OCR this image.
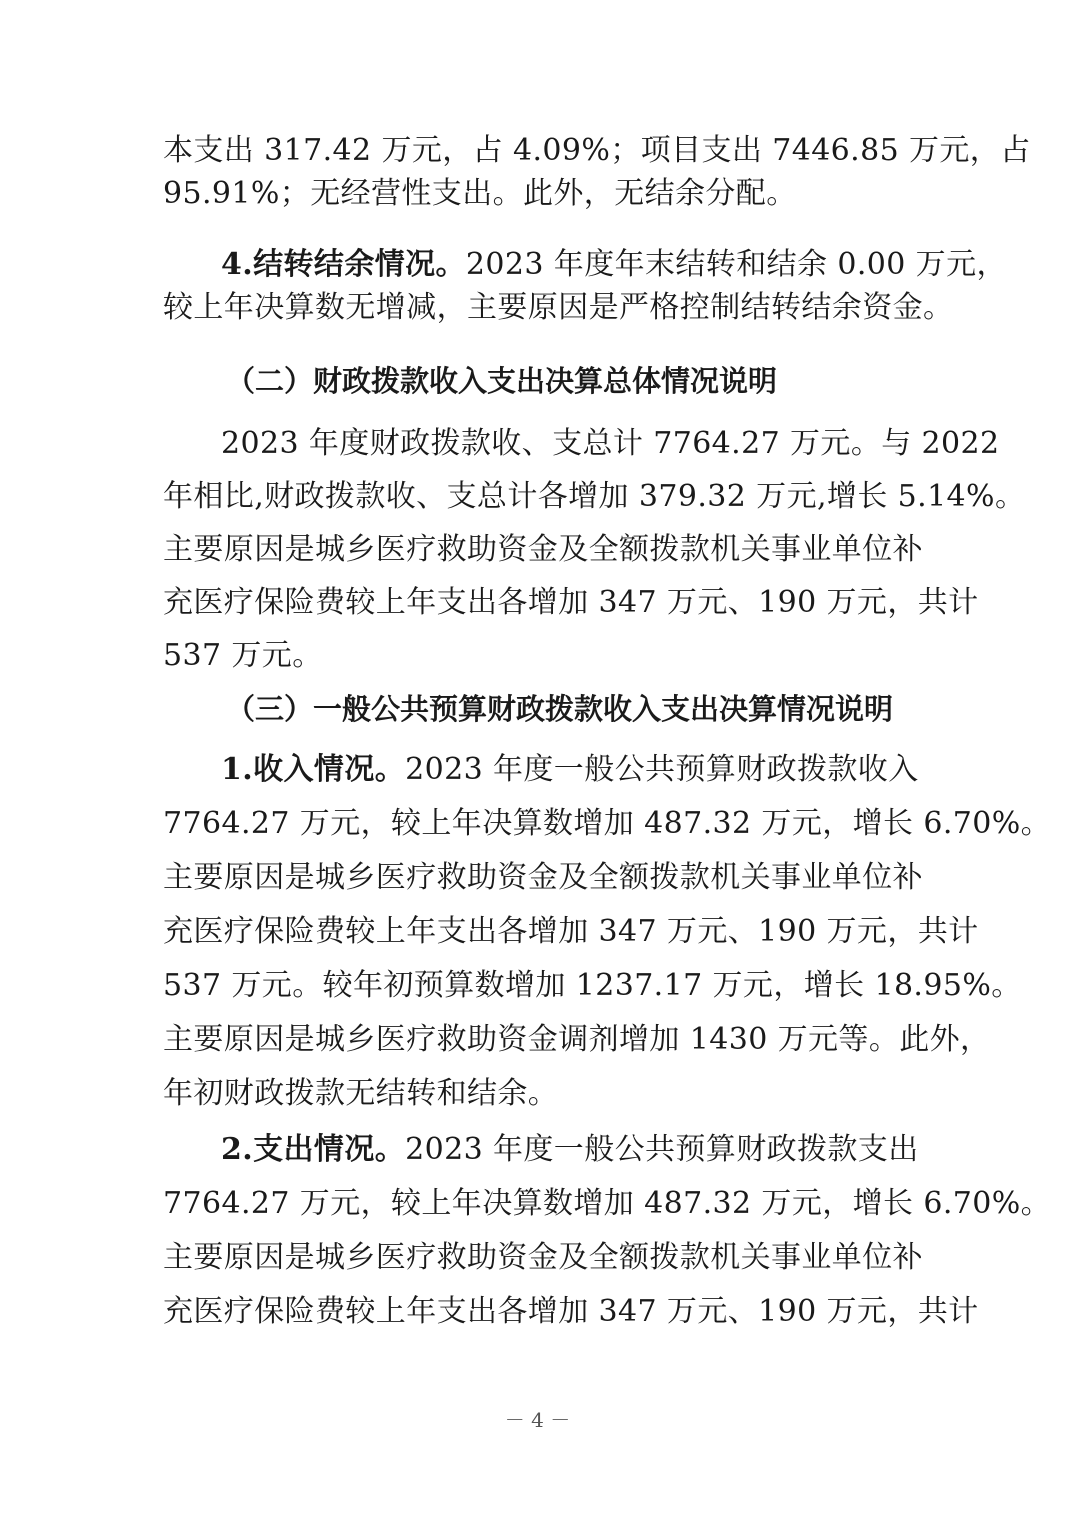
本支出 317.42 万元，占 4.09%；项目支出 7446.85 万元，占
95.91%；无经营性支出。此外，无结余分配。
4.结转结余情况。2023 年度年末结转和结余 0.00 万元，
较上年决算数无增减，主要原因是严格控制结转结余资金。
（二）财政拨款收入支出决算总体情况说明
2023 年度财政拨款收、支总计 7764.27 万元。与 2022
年相比,财政拨款收、支总计各增加 379.32 万元,增长 5.14%。
主要原因是城乡医疗救助资金及全额拨款机关事业单位补
充医疗保险费较上年支出各增加 347 万元、190 万元，共计
537 万元。
（三）一般公共预算财政拨款收入支出决算情况说明
1.收入情况。2023 年度一般公共预算财政拨款收入
7764.27 万元，较上年决算数增加 487.32 万元，增长 6.70%。
主要原因是城乡医疗救助资金及全额拨款机关事业单位补
充医疗保险费较上年支出各增加 347 万元、190 万元，共计
537 万元。较年初预算数增加 1237.17 万元，增长 18.95%。
主要原因是城乡医疗救助资金调剂增加 1430 万元等。此外，
年初财政拨款无结转和结余。
2.支出情况。2023 年度一般公共预算财政拨款支出
7764.27 万元，较上年决算数增加 487.32 万元，增长 6.70%。
主要原因是城乡医疗救助资金及全额拨款机关事业单位补
充医疗保险费较上年支出各增加 347 万元、190 万元，共计
－ 4 －
